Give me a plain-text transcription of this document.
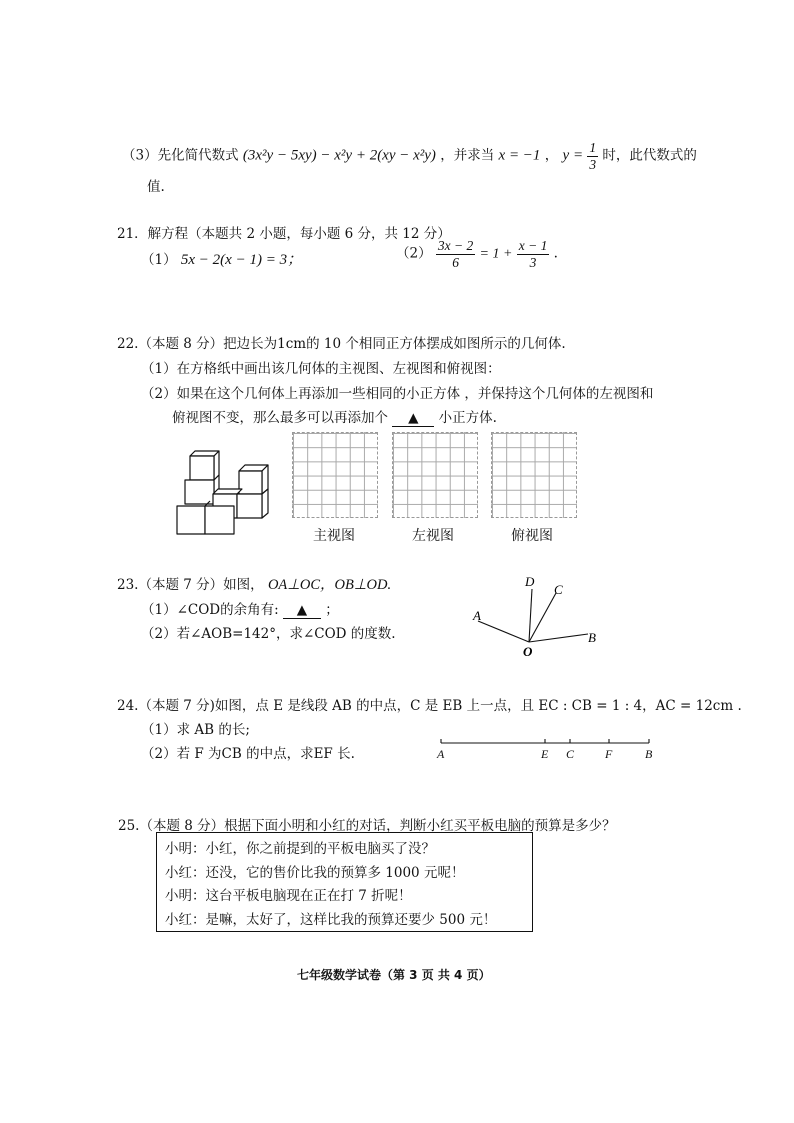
（3）先化简代数式 (3x²y − 5xy) − x²y + 2(xy − x²y) ，并求当 x = −1 ， $y = \frac{1}{3}$ 时，此代数式的
值.
21．解方程（本题共 2 小题，每小题 6 分，共 12 分）
（1） 5x − 2(x − 1) = 3；	$(2) \frac{3x - 2}{6} = 1 + \frac{x - 1}{3}$ .
22.（本题 8 分）把边长为1cm的 10 个相同正方体摆成如图所示的几何体.
（1）在方格纸中画出该几何体的主视图、左视图和俯视图：
（2）如果在这个几何体上再添加一些相同的小正方体 ，并保持这个几何体的左视图和
俯视图不变，那么最多可以再添加个 ▲ 小正方体.
主视图	左视图	俯视图
23.（本题 7 分）如图， OA⊥OC，OB⊥OD.
（1）∠COD的余角有: ▲ ；
（2）若∠AOB=142°，求∠COD 的度数.
D
C
A
B
O
24.（本题 7 分)如图，点 E 是线段 AB 的中点，C 是 EB 上一点，且 EC : CB = 1 : 4，AC = 12cm .
（1）求 AB 的长;
（2）若 F 为CB 的中点，求EF 长.	A	E C	F	B
25.（本题 8 分）根据下面小明和小红的对话，判断小红买平板电脑的预算是多少？
小明：小红，你之前提到的平板电脑买了没？
小红：还没，它的售价比我的预算多 1000 元呢！
小明：这台平板电脑现在正在打 7 折呢！
小红：是嘛，太好了，这样比我的预算还要少 500 元！
七年级数学试卷（第 3 页 共 4 页）
